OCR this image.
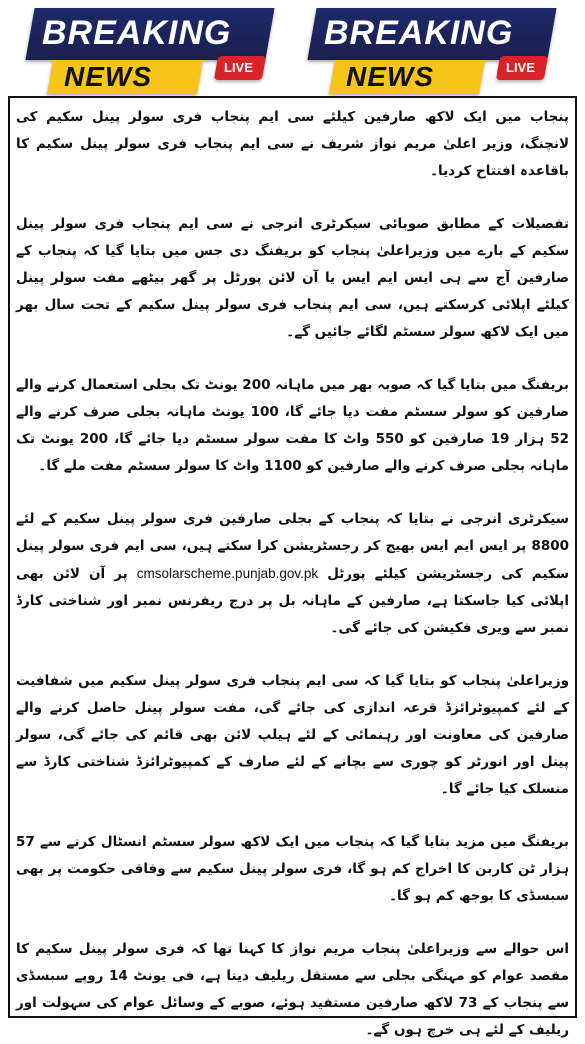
BREAKING
NEWS	LIVE
BREAKING
NEWS	LIVE

پنجاب میں ایک لاکھ صارفین کیلئے سی ایم پنجاب فری سولر پینل سکیم کی لانچنگ، وزیر اعلیٰ مریم نواز شریف نے سی ایم پنجاب فری سولر پینل سکیم کا باقاعدہ افتتاح کردیا۔

تفصیلات کے مطابق صوبائی سیکرٹری انرجی نے سی ایم پنجاب فری سولر پینل سکیم کے بارے میں وزیراعلیٰ پنجاب کو بریفنگ دی جس میں بتایا گیا کہ پنجاب کے صارفین آج سے ہی ایس ایم ایس یا آن لائن پورٹل پر گھر بیٹھے مفت سولر پینل کیلئے اپلائی کرسکتے ہیں، سی ایم پنجاب فری سولر پینل سکیم کے تحت سال بھر میں ایک لاکھ سولر سسٹم لگائے جائیں گے۔

بریفنگ میں بتایا گیا کہ صوبہ بھر میں ماہانہ 200 یونٹ تک بجلی استعمال کرنے والے صارفین کو سولر سسٹم مفت دیا جائے گا، 100 یونٹ ماہانہ بجلی صرف کرنے والے 52 ہزار 19 صارفین کو 550 واٹ کا مفت سولر سسٹم دیا جائے گا، 200 یونٹ تک ماہانہ بجلی صرف کرنے والے صارفین کو 1100 واٹ کا سولر سسٹم مفت ملے گا۔

سیکرٹری انرجی نے بتایا کہ پنجاب کے بجلی صارفین فری سولر پینل سکیم کے لئے 8800 پر ایس ایم ایس بھیج کر رجسٹریشن کرا سکتے ہیں، سی ایم فری سولر پینل سکیم کی رجسٹریشن کیلئے پورٹل cmsolarscheme.punjab.gov.pk پر آن لائن بھی اپلائی کیا جاسکتا ہے، صارفین کے ماہانہ بل پر درج ریفرنس نمبر اور شناختی کارڈ نمبر سے ویری فکیشن کی جائے گی۔

وزیراعلیٰ پنجاب کو بتایا گیا کہ سی ایم پنجاب فری سولر پینل سکیم میں شفافیت کے لئے کمپیوٹرائزڈ قرعہ اندازی کی جائے گی، مفت سولر پینل حاصل کرنے والے صارفین کی معاونت اور رہنمائی کے لئے ہیلپ لائن بھی قائم کی جائے گی، سولر پینل اور انورٹر کو چوری سے بچانے کے لئے صارف کے کمپیوٹرائزڈ شناختی کارڈ سے منسلک کیا جائے گا۔

بریفنگ میں مزید بتایا گیا کہ پنجاب میں ایک لاکھ سولر سسٹم انسٹال کرنے سے 57 ہزار ٹن کاربن کا اخراج کم ہو گا، فری سولر پینل سکیم سے وفاقی حکومت پر بھی سبسڈی کا بوجھ کم ہو گا۔

اس حوالے سے وزیراعلیٰ پنجاب مریم نواز کا کہنا تھا کہ فری سولر پینل سکیم کا مقصد عوام کو مہنگی بجلی سے مستقل ریلیف دینا ہے، فی یونٹ 14 روپے سبسڈی سے پنجاب کے 73 لاکھ صارفین مستفید ہوئے، صوبے کے وسائل عوام کی سہولت اور ریلیف کے لئے ہی خرچ ہوں گے۔
